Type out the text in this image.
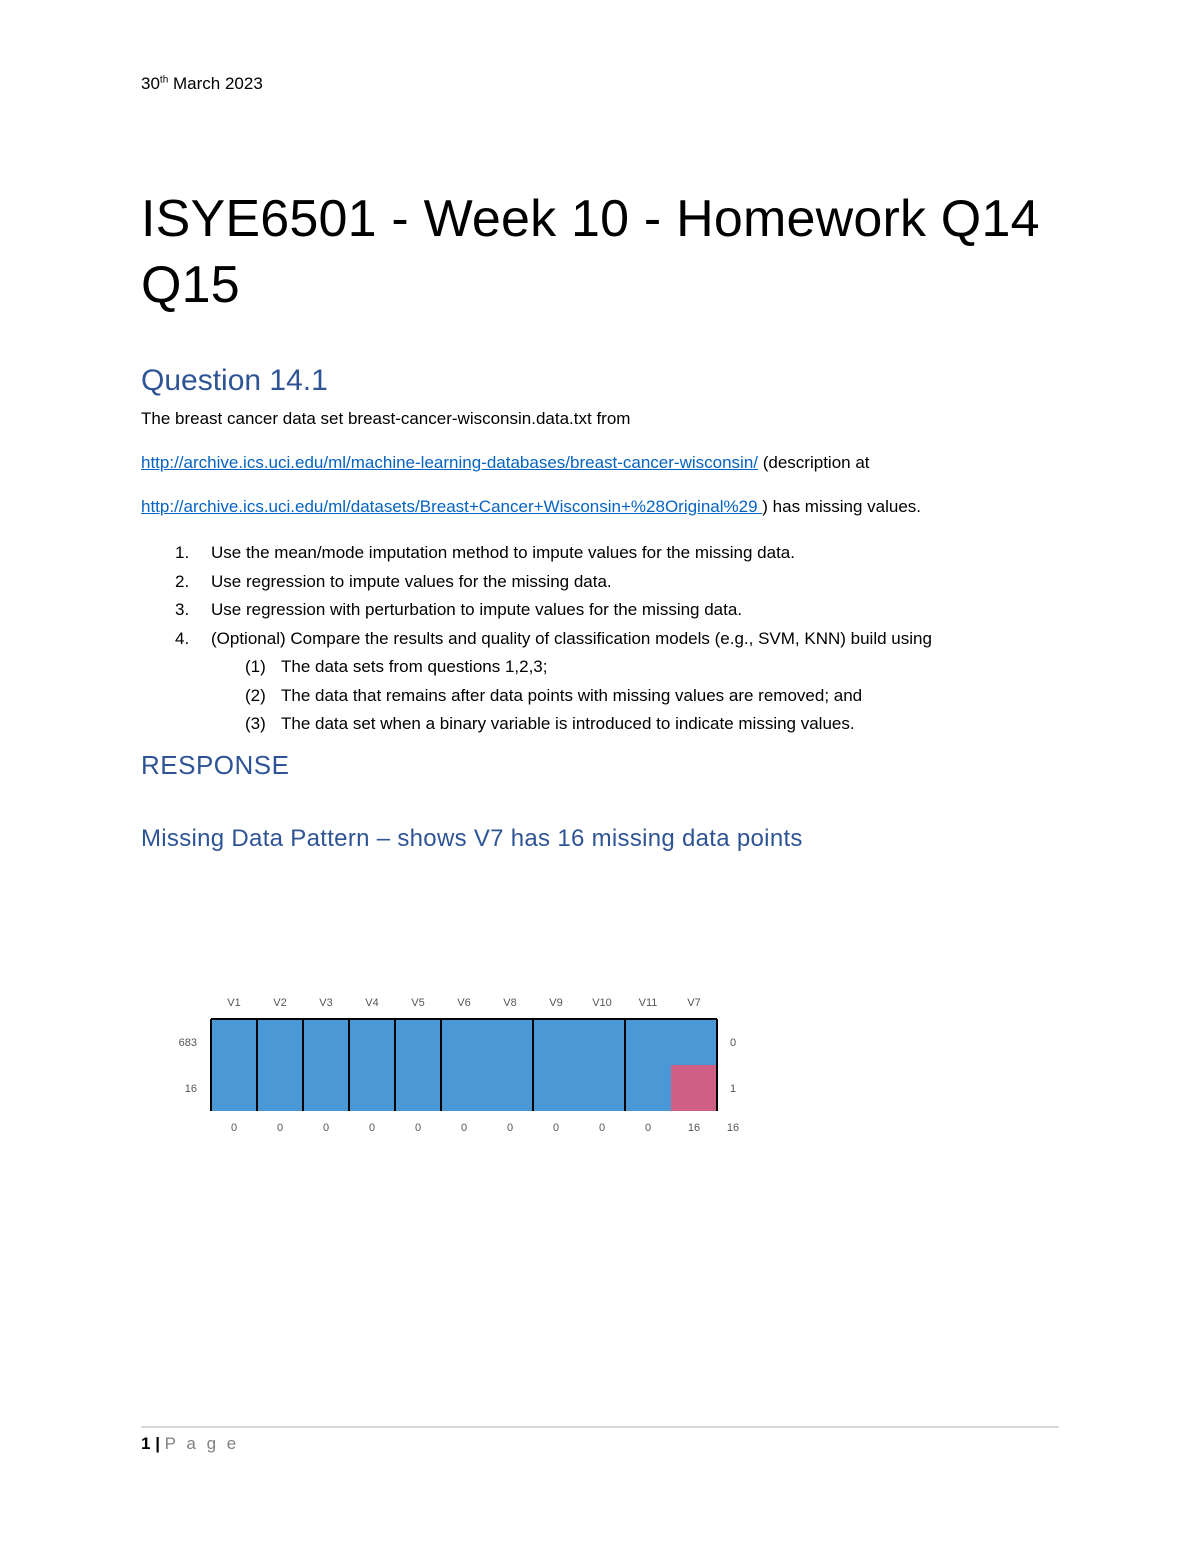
30th March 2023
ISYE6501 - Week 10 - Homework Q14 Q15
Question 14.1
The breast cancer data set breast-cancer-wisconsin.data.txt from
http://archive.ics.uci.edu/ml/machine-learning-databases/breast-cancer-wisconsin/ (description at
http://archive.ics.uci.edu/ml/datasets/Breast+Cancer+Wisconsin+%28Original%29 ) has missing values.
1. Use the mean/mode imputation method to impute values for the missing data.
2. Use regression to impute values for the missing data.
3. Use regression with perturbation to impute values for the missing data.
4. (Optional) Compare the results and quality of classification models (e.g., SVM, KNN) build using
(1) The data sets from questions 1,2,3;
(2) The data that remains after data points with missing values are removed; and
(3) The data set when a binary variable is introduced to indicate missing values.
RESPONSE
Missing Data Pattern – shows V7 has 16 missing data points
V1	V2	V3	V4	V5	V6	V8	V9	V10 V11	V7
683	0
16	1
0	0	0	0	0	0	0	0	0	0	16 16
1 | P a g e
